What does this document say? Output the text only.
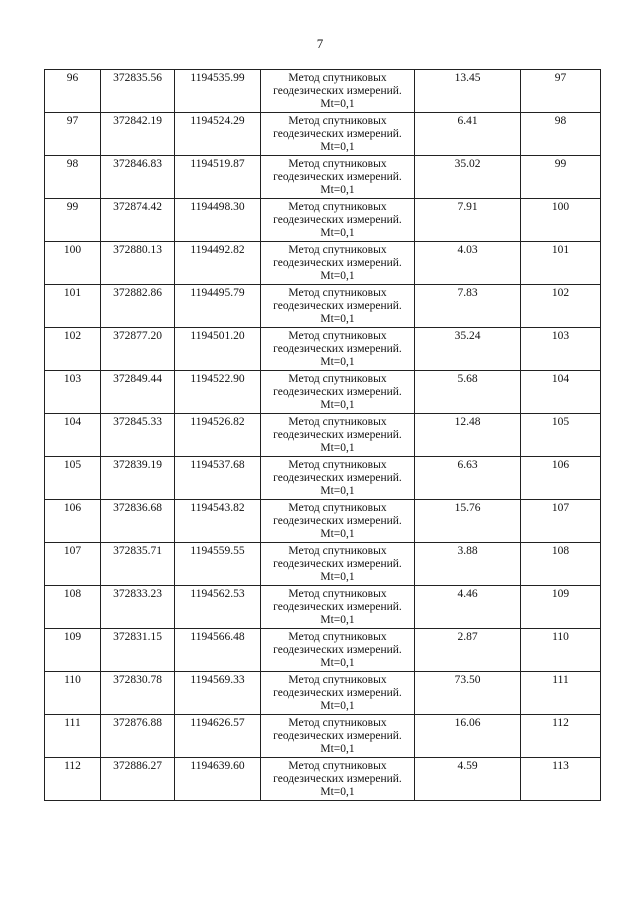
7
96	372835.56	1194535.99	Метод спутниковых
геодезических измерений.
Mt=0,1	13.45	97
97	372842.19	1194524.29	Метод спутниковых
геодезических измерений.
Mt=0,1	6.41	98
98	372846.83	1194519.87	Метод спутниковых
геодезических измерений.
Mt=0,1	35.02	99
99	372874.42	1194498.30	Метод спутниковых
геодезических измерений.
Mt=0,1	7.91	100
100	372880.13	1194492.82	Метод спутниковых
геодезических измерений.
Mt=0,1	4.03	101
101	372882.86	1194495.79	Метод спутниковых
геодезических измерений.
Mt=0,1	7.83	102
102	372877.20	1194501.20	Метод спутниковых
геодезических измерений.
Mt=0,1	35.24	103
103	372849.44	1194522.90	Метод спутниковых
геодезических измерений.
Mt=0,1	5.68	104
104	372845.33	1194526.82	Метод спутниковых
геодезических измерений.
Mt=0,1	12.48	105
105	372839.19	1194537.68	Метод спутниковых
геодезических измерений.
Mt=0,1	6.63	106
106	372836.68	1194543.82	Метод спутниковых
геодезических измерений.
Mt=0,1	15.76	107
107	372835.71	1194559.55	Метод спутниковых
геодезических измерений.
Mt=0,1	3.88	108
108	372833.23	1194562.53	Метод спутниковых
геодезических измерений.
Mt=0,1	4.46	109
109	372831.15	1194566.48	Метод спутниковых
геодезических измерений.
Mt=0,1	2.87	110
110	372830.78	1194569.33	Метод спутниковых
геодезических измерений.
Mt=0,1	73.50	111
111	372876.88	1194626.57	Метод спутниковых
геодезических измерений.
Mt=0,1	16.06	112
112	372886.27	1194639.60	Метод спутниковых
геодезических измерений.
Mt=0,1	4.59	113
